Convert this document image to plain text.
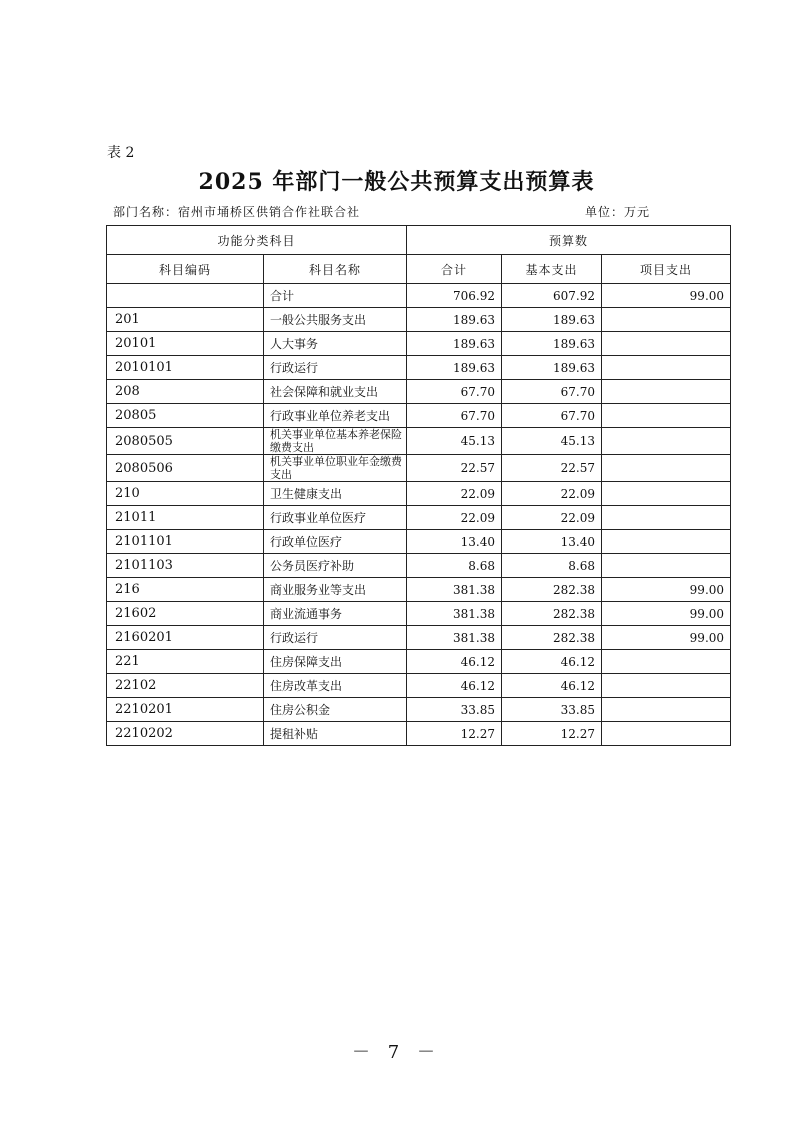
表 2
2025 年部门一般公共预算支出预算表
部门名称：宿州市埇桥区供销合作社联合社	单位：万元
功能分类科目		预算数		
科目编码	科目名称	合计	基本支出	项目支出
	合计	706.92	607.92	99.00
201	一般公共服务支出	189.63	189.63	
20101	人大事务	189.63	189.63	
2010101	行政运行	189.63	189.63	
208	社会保障和就业支出	67.70	67.70	
20805	行政事业单位养老支出	67.70	67.70	
2080505	机关事业单位基本养老保险缴费支出	45.13	45.13	
2080506	机关事业单位职业年金缴费支出	22.57	22.57	
210	卫生健康支出	22.09	22.09	
21011	行政事业单位医疗	22.09	22.09	
2101101	行政单位医疗	13.40	13.40	
2101103	公务员医疗补助	8.68	8.68	
216	商业服务业等支出	381.38	282.38	99.00
21602	商业流通事务	381.38	282.38	99.00
2160201	行政运行	381.38	282.38	99.00
221	住房保障支出	46.12	46.12	
22102	住房改革支出	46.12	46.12	
2210201	住房公积金	33.85	33.85	
2210202	提租补贴	12.27	12.27	
－ 7 －
